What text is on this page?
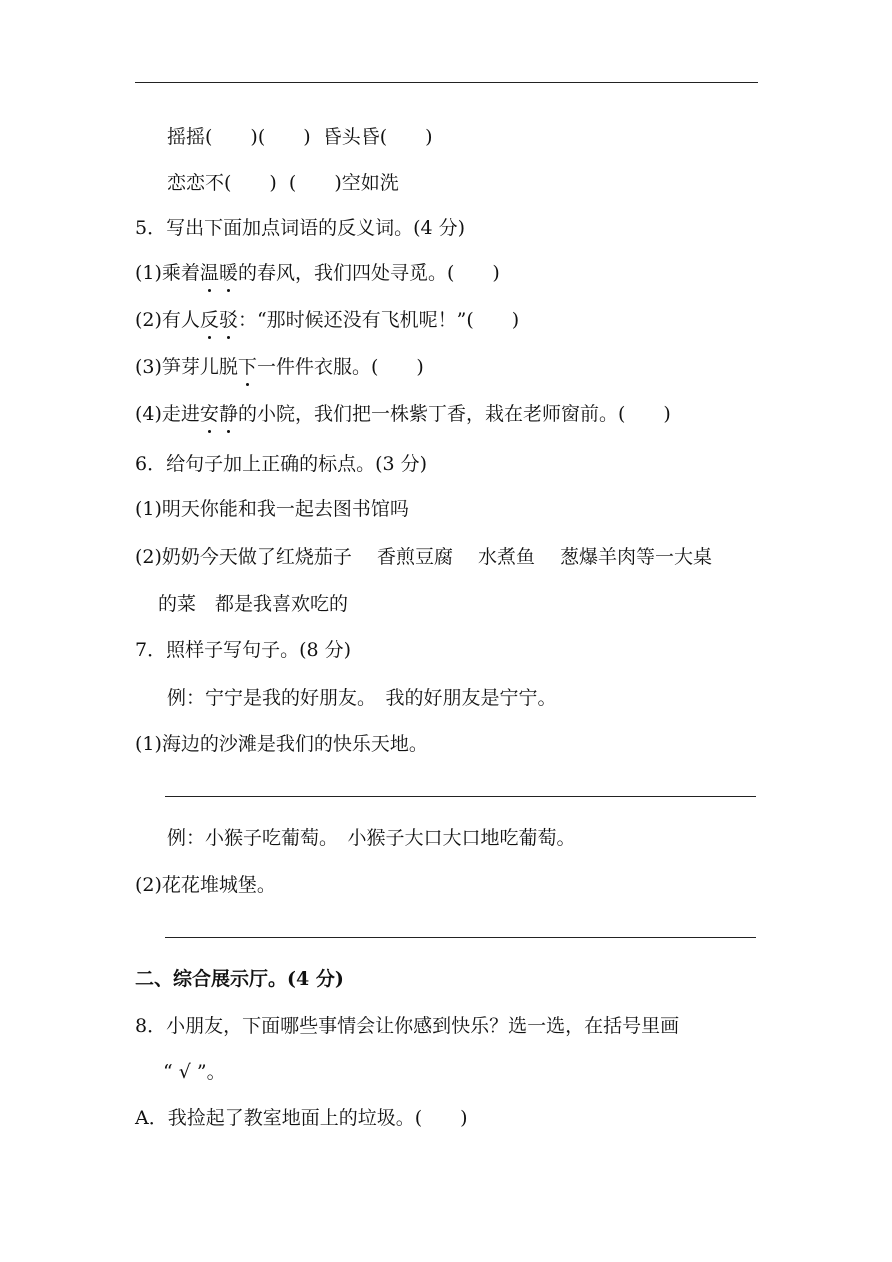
摇摇(　　)(　　)  昏头昏(　　)
恋恋不(　　)  (　　)空如洗
5．写出下面加点词语的反义词。(4 分)
(1)乘着温暖的春风，我们四处寻觅。(　　)
(2)有人反驳：“那时候还没有飞机呢！”(　　)
(3)笋芽儿脱下一件件衣服。(　　)
(4)走进安静的小院，我们把一株紫丁香，栽在老师窗前。(　　)
6．给句子加上正确的标点。(3 分)
(1)明天你能和我一起去图书馆吗
(2)奶奶今天做了红烧茄子　 香煎豆腐　 水煮鱼　 葱爆羊肉等一大桌
的菜　都是我喜欢吃的
7．照样子写句子。(8 分)
例：宁宁是我的好朋友。　我的好朋友是宁宁。
(1)海边的沙滩是我们的快乐天地。
例：小猴子吃葡萄。　小猴子大口大口地吃葡萄。
(2)花花堆城堡。
二、综合展示厅。(4 分)
8．小朋友，下面哪些事情会让你感到快乐？选一选，在括号里画
“ √ ”。
A．我捡起了教室地面上的垃圾。(　　)
